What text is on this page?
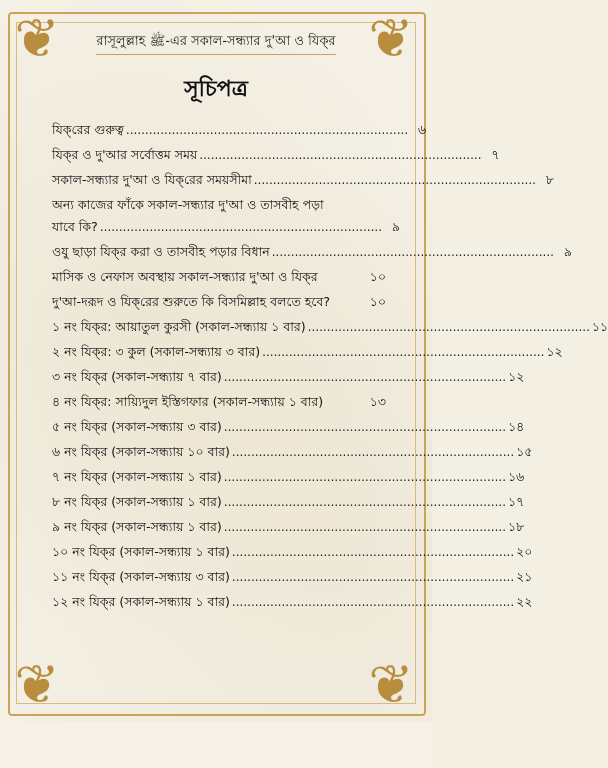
❦	❦
❦	❦
রাসূলুল্লাহ ﷺ-এর সকাল-সন্ধ্যার দু'আ ও যিক্‌র
সূচিপত্র
যিক্‌রের গুরুত্ব .......................................................................... ৬
যিক্‌র ও দু'আর সর্বোত্তম সময় .......................................................................... ৭
সকাল-সন্ধ্যার দু'আ ও যিক্‌রের সময়সীমা .......................................................................... ৮
অন্য কাজের ফাঁকে সকাল-সন্ধ্যার দু'আ ও তাসবীহ পড়া
যাবে কি? .......................................................................... ৯
ওযু ছাড়া যিক্‌র করা ও তাসবীহ পড়ার বিধান .......................................................................... ৯
মাসিক ও নেফাস অবস্থায় সকাল-সন্ধ্যার দু'আ ও যিক্‌র	১০
দু'আ-দরূদ ও যিক্‌রের শুরুতে কি বিসমিল্লাহ বলতে হবে?	১০
১ নং যিক্‌র: আয়াতুল কুরসী (সকাল-সন্ধ্যায় ১ বার) .......................................................................... ১১
২ নং যিক্‌র: ৩ কুল (সকাল-সন্ধ্যায় ৩ বার) .......................................................................... ১২
৩ নং যিক্‌র (সকাল-সন্ধ্যায় ৭ বার) .......................................................................... ১২
৪ নং যিক্‌র: সায়্যিদুল ইস্তিগফার (সকাল-সন্ধ্যায় ১ বার)	১৩
৫ নং যিক্‌র (সকাল-সন্ধ্যায় ৩ বার) .......................................................................... ১৪
৬ নং যিক্‌র (সকাল-সন্ধ্যায় ১০ বার) .......................................................................... ১৫
৭ নং যিক্‌র (সকাল-সন্ধ্যায় ১ বার) .......................................................................... ১৬
৮ নং যিক্‌র (সকাল-সন্ধ্যায় ১ বার) .......................................................................... ১৭
৯ নং যিক্‌র (সকাল-সন্ধ্যায় ১ বার) .......................................................................... ১৮
১০ নং যিক্‌র (সকাল-সন্ধ্যায় ১ বার) .......................................................................... ২০
১১ নং যিক্‌র (সকাল-সন্ধ্যায় ৩ বার) .......................................................................... ২১
১২ নং যিক্‌র (সকাল-সন্ধ্যায় ১ বার) .......................................................................... ২২
